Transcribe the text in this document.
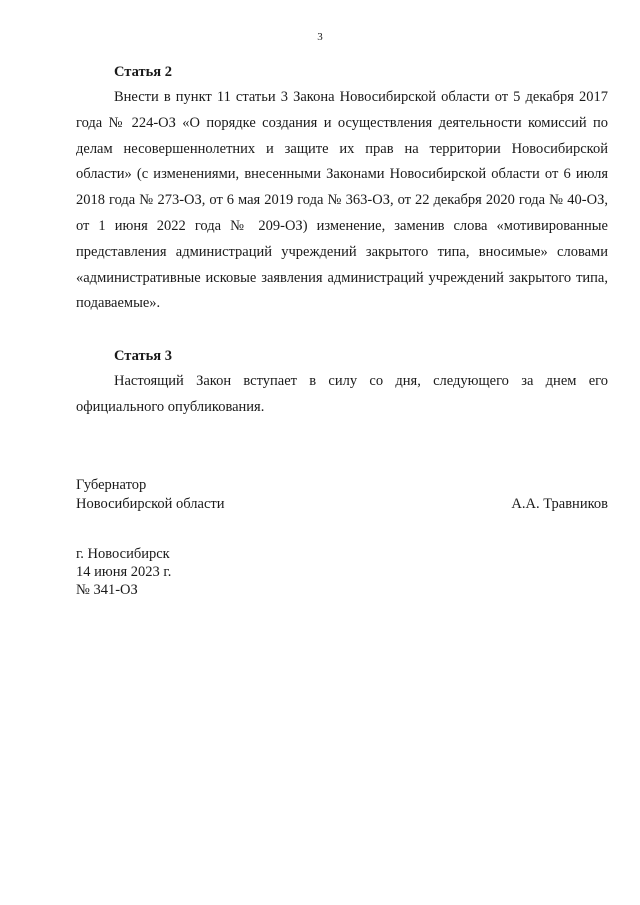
3

Статья 2

Внести в пункт 11 статьи 3 Закона Новосибирской области от 5 декабря 2017 года № 224-ОЗ «О порядке создания и осуществления деятельности комиссий по делам несовершеннолетних и защите их прав на территории Новосибирской области» (с изменениями, внесенными Законами Новосибирской области от 6 июля 2018 года № 273-ОЗ, от 6 мая 2019 года № 363-ОЗ, от 22 декабря 2020 года № 40-ОЗ, от 1 июня 2022 года № 209-ОЗ) изменение, заменив слова «мотивированные представления администраций учреждений закрытого типа, вносимые» словами «административные исковые заявления администраций учреждений закрытого типа, подаваемые».

Статья 3

Настоящий Закон вступает в силу со дня, следующего за днем его официального опубликования.

Губернатор
Новосибирской области	А.А. Травников
г. Новосибирск
14 июня 2023 г.
№ 341-ОЗ
